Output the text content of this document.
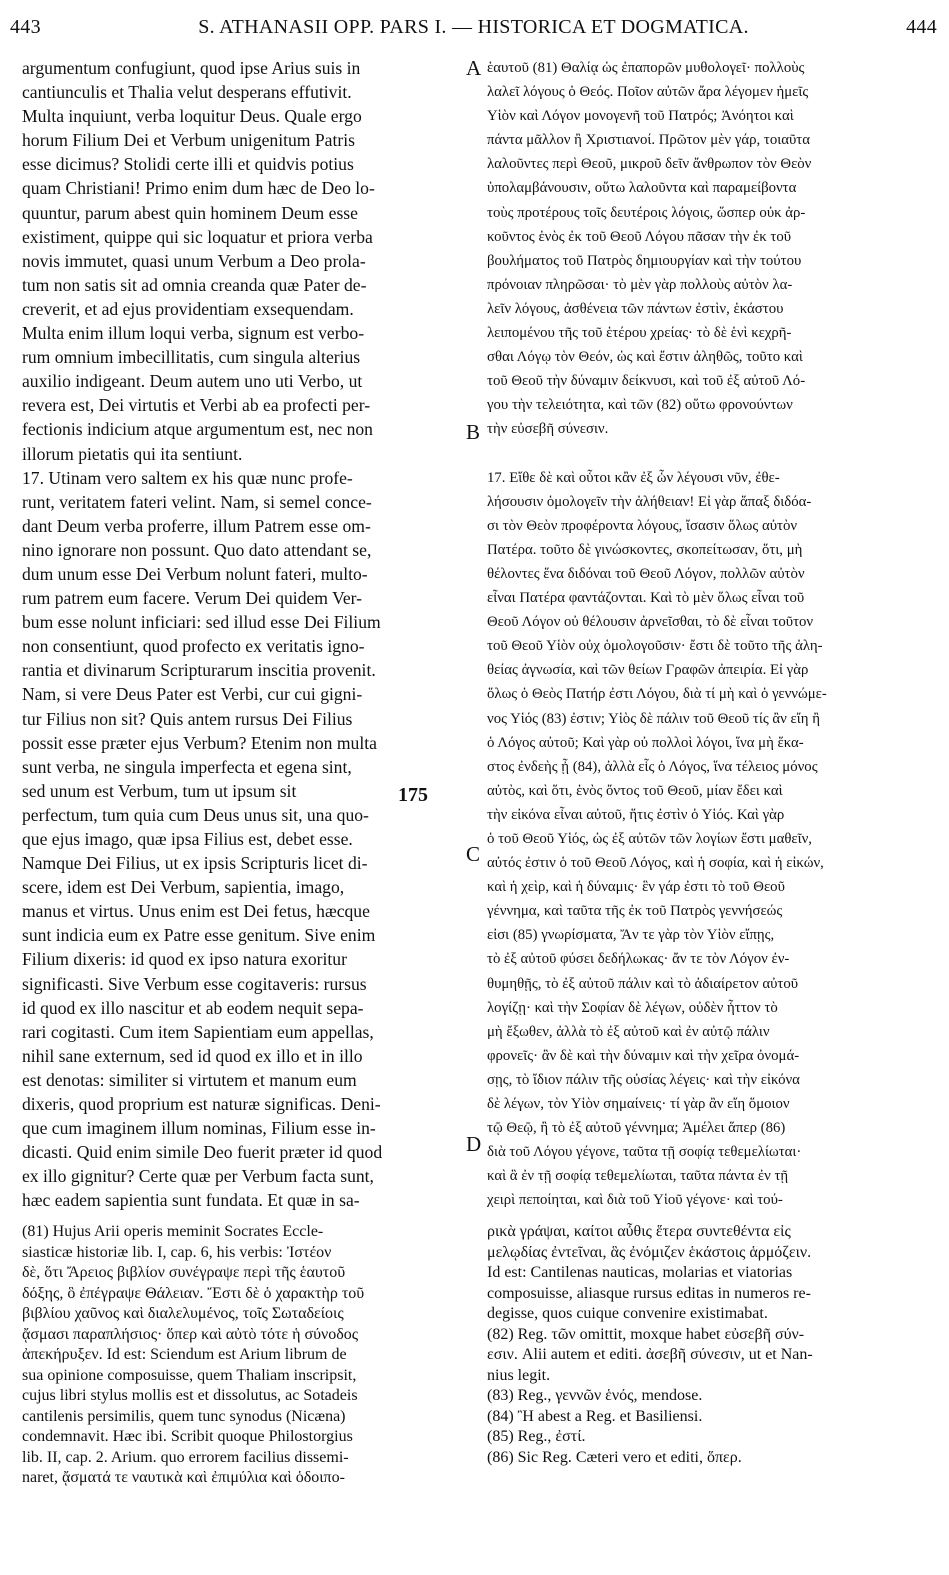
443	S. ATHANASII OPP. PARS I. — HISTORICA ET DOGMATICA.	444
argumentum confugiunt, quod ipse Arius suis in
cantiunculis et Thalia velut desperans effutivit.
Multa inquiunt, verba loquitur Deus. Quale ergo
horum Filium Dei et Verbum unigenitum Patris
esse dicimus? Stolidi certe illi et quidvis potius
quam Christiani! Primo enim dum hæc de Deo lo-
quuntur, parum abest quin hominem Deum esse
existiment, quippe qui sic loquatur et priora verba
novis immutet, quasi unum Verbum a Deo prola-
tum non satis sit ad omnia creanda quæ Pater de-
creverit, et ad ejus providentiam exsequendam.
Multa enim illum loqui verba, signum est verbo-
rum omnium imbecillitatis, cum singula alterius
auxilio indigeant. Deum autem uno uti Verbo, ut
revera est, Dei virtutis et Verbi ab ea profecti per-
fectionis indicium atque argumentum est, nec non
illorum pietatis qui ita sentiunt.
17. Utinam vero saltem ex his quæ nunc profe-
runt, veritatem fateri velint. Nam, si semel conce-
dant Deum verba proferre, illum Patrem esse om-
nino ignorare non possunt. Quo dato attendant se,
dum unum esse Dei Verbum nolunt fateri, multo-
rum patrem eum facere. Verum Dei quidem Ver-
bum esse nolunt inficiari: sed illud esse Dei Filium
non consentiunt, quod profecto ex veritatis igno-
rantia et divinarum Scripturarum inscitia provenit.
Nam, si vere Deus Pater est Verbi, cur cui gigni-
tur Filius non sit? Quis antem rursus Dei Filius
possit esse præter ejus Verbum? Etenim non multa
sunt verba, ne singula imperfecta et egena sint,
sed unum est Verbum, tum ut ipsum sit
perfectum, tum quia cum Deus unus sit, una quo-
que ejus imago, quæ ipsa Filius est, debet esse.
Namque Dei Filius, ut ex ipsis Scripturis licet di-
scere, idem est Dei Verbum, sapientia, imago,
manus et virtus. Unus enim est Dei fetus, hæcque
sunt indicia eum ex Patre esse genitum. Sive enim
Filium dixeris: id quod ex ipso natura exoritur
significasti. Sive Verbum esse cogitaveris: rursus
id quod ex illo nascitur et ab eodem nequit sepa-
rari cogitasti. Cum item Sapientiam eum appellas,
nihil sane externum, sed id quod ex illo et in illo
est denotas: similiter si virtutem et manum eum
dixeris, quod proprium est naturæ significas. Deni-
que cum imaginem illum nominas, Filium esse in-
dicasti. Quid enim simile Deo fuerit præter id quod
ex illo gignitur? Certe quæ per Verbum facta sunt,
hæc eadem sapientia sunt fundata. Et quæ in sa-
ἑαυτοῦ (81) Θαλίᾳ ὡς ἐπαπορῶν μυθολογεῖ· πολλοὺς
λαλεῖ λόγους ὁ Θεός. Ποῖον αὐτῶν ἄρα λέγομεν ἡμεῖς
Υἱὸν καὶ Λόγον μονογενῆ τοῦ Πατρός; Ἀνόητοι καὶ
πάντα μᾶλλον ἢ Χριστιανοί. Πρῶτον μὲν γάρ, τοιαῦτα
λαλοῦντες περὶ Θεοῦ, μικροῦ δεῖν ἄνθρωπον τὸν Θεὸν
ὑπολαμβάνουσιν, οὕτω λαλοῦντα καὶ παραμείβοντα
τοὺς προτέρους τοῖς δευτέροις λόγοις, ὥσπερ οὐκ ἀρ-
κοῦντος ἑνὸς ἐκ τοῦ Θεοῦ Λόγου πᾶσαν τὴν ἐκ τοῦ
βουλήματος τοῦ Πατρὸς δημιουργίαν καὶ τὴν τούτου
πρόνοιαν πληρῶσαι· τὸ μὲν γὰρ πολλοὺς αὐτὸν λα-
λεῖν λόγους, ἀσθένεια τῶν πάντων ἐστὶν, ἑκάστου
λειπομένου τῆς τοῦ ἑτέρου χρείας· τὸ δὲ ἑνὶ κεχρῆ-
σθαι Λόγῳ τὸν Θεόν, ὡς καὶ ἔστιν ἀληθῶς, τοῦτο καὶ
τοῦ Θεοῦ τὴν δύναμιν δείκνυσι, καὶ τοῦ ἐξ αὐτοῦ Λό-
γου τὴν τελειότητα, καὶ τῶν (82) οὕτω φρονούντων
τὴν εὐσεβῆ σύνεσιν.
17. Εἴθε δὲ καὶ οὗτοι κἂν ἐξ ὧν λέγουσι νῦν, ἐθε-
λήσουσιν ὁμολογεῖν τὴν ἀλήθειαν! Εἰ γὰρ ἅπαξ διδόα-
σι τὸν Θεὸν προφέροντα λόγους, ἴσασιν ὅλως αὐτὸν
Πατέρα. τοῦτο δὲ γινώσκοντες, σκοπείτωσαν, ὅτι, μὴ
θέλοντες ἕνα διδόναι τοῦ Θεοῦ Λόγον, πολλῶν αὐτὸν
εἶναι Πατέρα φαντάζονται. Καὶ τὸ μὲν ὅλως εἶναι τοῦ
Θεοῦ Λόγον οὐ θέλουσιν ἀρνεῖσθαι, τὸ δὲ εἶναι τοῦτον
τοῦ Θεοῦ Υἱὸν οὐχ ὁμολογοῦσιν· ἔστι δὲ τοῦτο τῆς ἀλη-
θείας ἀγνωσία, καὶ τῶν θείων Γραφῶν ἀπειρία. Εἰ γὰρ
ὅλως ὁ Θεὸς Πατήρ ἐστι Λόγου, διὰ τί μὴ καὶ ὁ γεννώμε-
νος Υἱός (83) ἐστιν; Υἱὸς δὲ πάλιν τοῦ Θεοῦ τίς ἂν εἴη ἢ
ὁ Λόγος αὐτοῦ; Καὶ γὰρ οὐ πολλοὶ λόγοι, ἵνα μὴ ἕκα-
στος ἐνδεὴς ᾖ (84), ἀλλὰ εἷς ὁ Λόγος, ἵνα τέλειος μόνος
αὐτὸς, καὶ ὅτι, ἑνὸς ὄντος τοῦ Θεοῦ, μίαν ἔδει καὶ
τὴν εἰκόνα εἶναι αὐτοῦ, ἥτις ἐστὶν ὁ Υἱός. Καὶ γὰρ
ὁ τοῦ Θεοῦ Υἱός, ὡς ἐξ αὐτῶν τῶν λογίων ἔστι μαθεῖν,
αὐτός ἐστιν ὁ τοῦ Θεοῦ Λόγος, καὶ ἡ σοφία, καὶ ἡ εἰκών,
καὶ ἡ χεὶρ, καὶ ἡ δύναμις· ἓν γάρ ἐστι τὸ τοῦ Θεοῦ
γέννημα, καὶ ταῦτα τῆς ἐκ τοῦ Πατρὸς γεννήσεώς
εἰσι (85) γνωρίσματα, Ἄν τε γὰρ τὸν Υἱὸν εἴπῃς,
τὸ ἐξ αὐτοῦ φύσει δεδήλωκας· ἄν τε τὸν Λόγον ἐν-
θυμηθῇς, τὸ ἐξ αὐτοῦ πάλιν καὶ τὸ ἀδιαίρετον αὐτοῦ
λογίζῃ· καὶ τὴν Σοφίαν δὲ λέγων, οὐδὲν ἧττον τὸ
μὴ ἔξωθεν, ἀλλὰ τὸ ἐξ αὐτοῦ καὶ ἐν αὐτῷ πάλιν
φρονεῖς· ἂν δὲ καὶ τὴν δύναμιν καὶ τὴν χεῖρα ὀνομά-
σῃς, τὸ ἴδιον πάλιν τῆς οὐσίας λέγεις· καὶ τὴν εἰκόνα
δὲ λέγων, τὸν Υἱὸν σημαίνεις· τί γὰρ ἂν εἴη ὅμοιον
τῷ Θεῷ, ἢ τὸ ἐξ αὐτοῦ γέννημα; Ἀμέλει ἅπερ (86)
διὰ τοῦ Λόγου γέγονε, ταῦτα τῇ σοφίᾳ τεθεμελίωται·
καὶ ἃ ἐν τῇ σοφίᾳ τεθεμελίωται, ταῦτα πάντα ἐν τῇ
χειρὶ πεποίηται, καὶ διὰ τοῦ Υἱοῦ γέγονε· καὶ τού-
A
B
C
D
175
(81) Hujus Arii operis meminit Socrates Eccle-
siasticæ historiæ lib. I, cap. 6, his verbis: Ἰστέον
δὲ, ὅτι Ἄρειος βιβλίον συνέγραψε περὶ τῆς ἑαυτοῦ
δόξης, ὃ ἐπέγραψε Θάλειαν. Ἔστι δὲ ὁ χαρακτὴρ τοῦ
βιβλίου χαῦνος καὶ διαλελυμένος, τοῖς Σωταδείοις
ᾄσμασι παραπλήσιος· ὅπερ καὶ αὐτὸ τότε ἡ σύνοδος
ἀπεκήρυξεν. Id est: Sciendum est Arium librum de
sua opinione composuisse, quem Thaliam inscripsit,
cujus libri stylus mollis est et dissolutus, ac Sotadeis
cantilenis persimilis, quem tunc synodus (Nicæna)
condemnavit. Hæc ibi. Scribit quoque Philostorgius
lib. II, cap. 2. Arium. quo errorem facilius dissemi-
naret, ᾄσματά τε ναυτικὰ καὶ ἐπιμύλια καὶ ὁδοιπο-
ρικὰ γράψαι, καίτοι αὖθις ἕτερα συντεθέντα εἰς
μελῳδίας ἐντεῖναι, ἃς ἐνόμιζεν ἑκάστοις ἁρμόζειν.
Id est: Cantilenas nauticas, molarias et viatorias
composuisse, aliasque rursus editas in numeros re-
degisse, quos cuique convenire existimabat.
(82) Reg. τῶν omittit, moxque habet εὐσεβῆ σύν-
εσιν. Alii autem et editi. ἀσεβῆ σύνεσιν, ut et Nan-
nius legit.
(83) Reg., γεννῶν ἑνός, mendose.
(84) Ἢ abest a Reg. et Basiliensi.
(85) Reg., ἐστί.
(86) Sic Reg. Cæteri vero et editi, ὅπερ.
